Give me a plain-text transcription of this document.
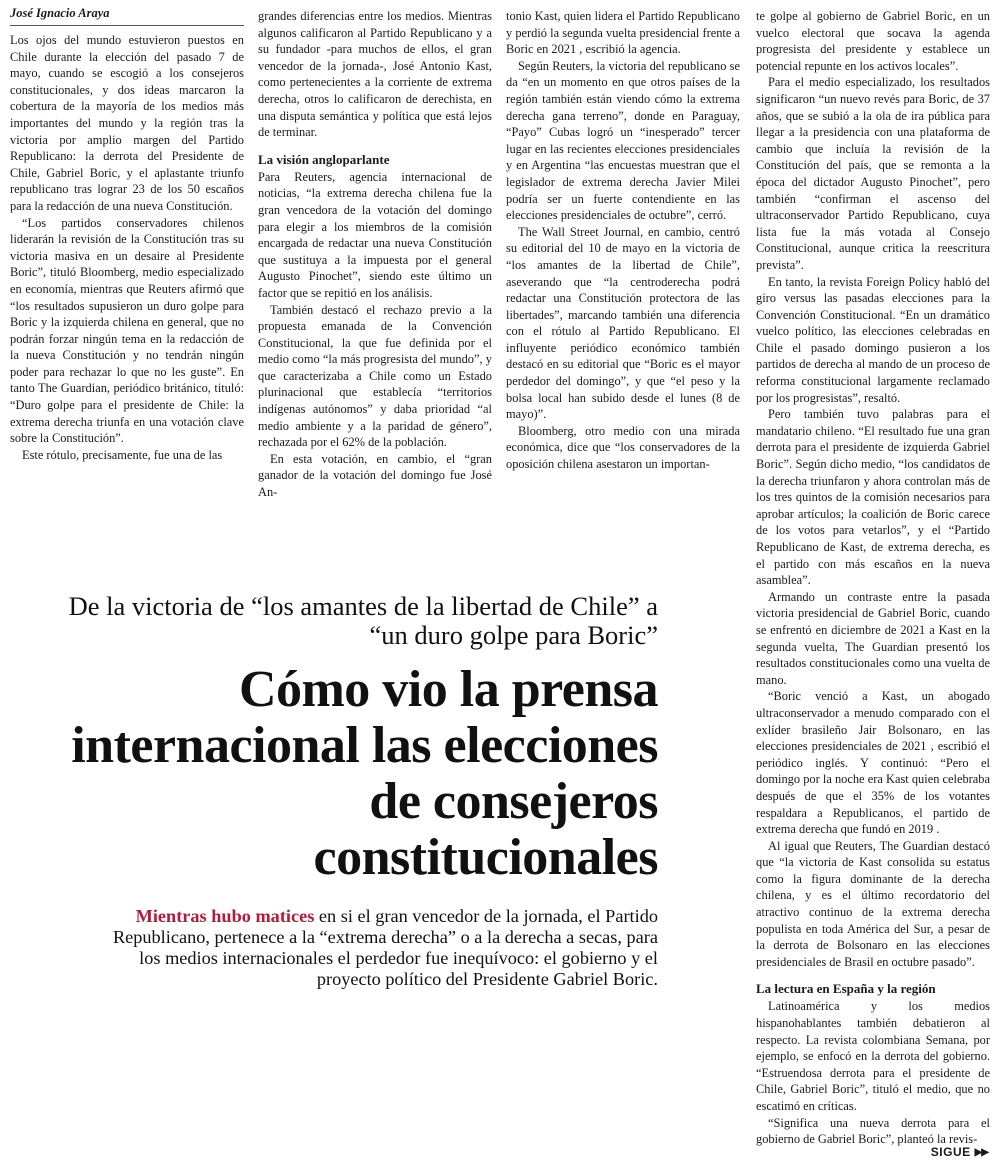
José Ignacio Araya

Los ojos del mundo estuvieron puestos en Chile durante la elección del pasado 7 de mayo, cuando se escogió a los consejeros constitucionales, y dos ideas marcaron la cobertura de la mayoría de los medios más importantes del mundo y la región tras la victoria por amplio margen del Partido Republicano: la derrota del Presidente de Chile, Gabriel Boric, y el aplastante triunfo republicano tras lograr 23 de los 50 escaños para la redacción de una nueva Constitución.

“Los partidos conservadores chilenos liderarán la revisión de la Constitución tras su victoria masiva en un desaire al Presidente Boric”, tituló Bloomberg, medio especializado en economía, mientras que Reuters afirmó que “los resultados supusieron un duro golpe para Boric y la izquierda chilena en general, que no podrán forzar ningún tema en la redacción de la nueva Constitución y no tendrán ningún poder para rechazar lo que no les guste”. En tanto The Guardian, periódico británico, tituló: “Duro golpe para el presidente de Chile: la extrema derecha triunfa en una votación clave sobre la Constitución”.

Este rótulo, precisamente, fue una de las

grandes diferencias entre los medios. Mientras algunos calificaron al Partido Republicano y a su fundador -para muchos de ellos, el gran vencedor de la jornada-, José Antonio Kast, como pertenecientes a la corriente de extrema derecha, otros lo calificaron de derechista, en una disputa semántica y política que está lejos de terminar.

La visión angloparlante

Para Reuters, agencia internacional de noticias, “la extrema derecha chilena fue la gran vencedora de la votación del domingo para elegir a los miembros de la comisión encargada de redactar una nueva Constitución que sustituya a la impuesta por el general Augusto Pinochet”, siendo este último un factor que se repitió en los análisis.

También destacó el rechazo previo a la propuesta emanada de la Convención Constitucional, la que fue definida por el medio como “la más progresista del mundo”, y que caracterizaba a Chile como un Estado plurinacional que establecía “territorios indígenas autónomos” y daba prioridad “al medio ambiente y a la paridad de género”, rechazada por el 62% de la población.

En esta votación, en cambio, el “gran ganador de la votación del domingo fue José An-

tonio Kast, quien lidera el Partido Republicano y perdió la segunda vuelta presidencial frente a Boric en 2021 , escribió la agencia.

Según Reuters, la victoria del republicano se da “en un momento en que otros países de la región también están viendo cómo la extrema derecha gana terreno”, donde en Paraguay, “Payo” Cubas logró un “inesperado” tercer lugar en las recientes elecciones presidenciales y en Argentina “las encuestas muestran que el legislador de extrema derecha Javier Milei podría ser un fuerte contendiente en las elecciones presidenciales de octubre”, cerró.

The Wall Street Journal, en cambio, centró su editorial del 10 de mayo en la victoria de “los amantes de la libertad de Chile”, aseverando que “la centroderecha podrá redactar una Constitución protectora de las libertades”, marcando también una diferencia con el rótulo al Partido Republicano. El influyente periódico económico también destacó en su editorial que “Boric es el mayor perdedor del domingo”, y que “el peso y la bolsa local han subido desde el lunes (8 de mayo)”.

Bloomberg, otro medio con una mirada económica, dice que “los conservadores de la oposición chilena asestaron un importan-

te golpe al gobierno de Gabriel Boric, en un vuelco electoral que socava la agenda progresista del presidente y establece un potencial repunte en los activos locales”.

Para el medio especializado, los resultados significaron “un nuevo revés para Boric, de 37 años, que se subió a la ola de ira pública para llegar a la presidencia con una plataforma de cambio que incluía la revisión de la Constitución del país, que se remonta a la época del dictador Augusto Pinochet”, pero también “confirman el ascenso del ultraconservador Partido Republicano, cuya lista fue la más votada al Consejo Constitucional, aunque critica la reescritura prevista”.

En tanto, la revista Foreign Policy habló del giro versus las pasadas elecciones para la Convención Constitucional. “En un dramático vuelco político, las elecciones celebradas en Chile el pasado domingo pusieron a los partidos de derecha al mando de un proceso de reforma constitucional largamente reclamado por los progresistas”, resaltó.

Pero también tuvo palabras para el mandatario chileno. “El resultado fue una gran derrota para el presidente de izquierda Gabriel Boric”. Según dicho medio, “los candidatos de la derecha triunfaron y ahora controlan más de los tres quintos de la comisión necesarios para aprobar artículos; la coalición de Boric carece de los votos para vetarlos”, y el “Partido Republicano de Kast, de extrema derecha, es el partido con más escaños en la nueva asamblea”.

Armando un contraste entre la pasada victoria presidencial de Gabriel Boric, cuando se enfrentó en diciembre de 2021 a Kast en la segunda vuelta, The Guardian presentó los resultados constitucionales como una vuelta de mano.

“Boric venció a Kast, un abogado ultraconservador a menudo comparado con el exlíder brasileño Jair Bolsonaro, en las elecciones presidenciales de 2021 , escribió el periódico inglés. Y continuó: “Pero el domingo por la noche era Kast quien celebraba después de que el 35% de los votantes respaldara a Republicanos, el partido de extrema derecha que fundó en 2019 .

Al igual que Reuters, The Guardian destacó que “la victoria de Kast consolida su estatus como la figura dominante de la derecha chilena, y es el último recordatorio del atractivo continuo de la extrema derecha populista en toda América del Sur, a pesar de la derrota de Bolsonaro en las elecciones presidenciales de Brasil en octubre pasado”.

La lectura en España y la región

Latinoamérica y los medios hispanohablantes también debatieron al respecto. La revista colombiana Semana, por ejemplo, se enfocó en la derrota del gobierno. “Estruendosa derrota para el presidente de Chile, Gabriel Boric”, tituló el medio, que no escatimó en críticas.

“Significa una nueva derrota para el gobierno de Gabriel Boric”, planteó la revis-

De la victoria de “los amantes de la libertad de Chile” a “un duro golpe para Boric”
Cómo vio la prensa internacional las elecciones de consejeros constitucionales
Mientras hubo matices en si el gran vencedor de la jornada, el Partido Republicano, pertenece a la “extrema derecha” o a la derecha a secas, para los medios internacionales el perdedor fue inequívoco: el gobierno y el proyecto político del Presidente Gabriel Boric.
SIGUE ▶▶
